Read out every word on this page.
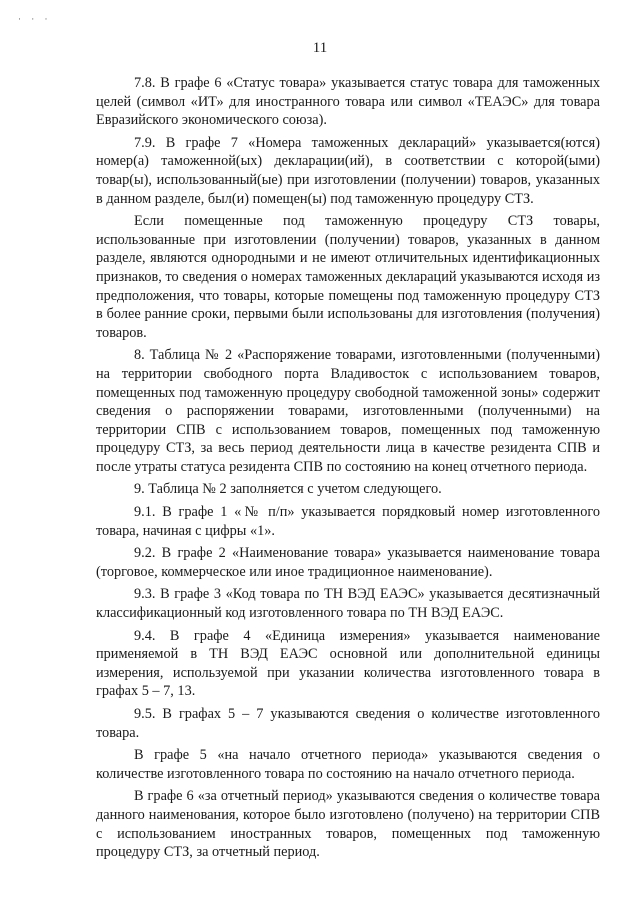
· · ·
11

7.8. В графе 6 «Статус товара» указывается статус товара для таможенных целей (символ «ИТ» для иностранного товара или символ «ТЕАЭС» для товара Евразийского экономического союза).

7.9. В графе 7 «Номера таможенных деклараций» указывается(ются) номер(а) таможенной(ых) декларации(ий), в соответствии с которой(ыми) товар(ы), использованный(ые) при изготовлении (получении) товаров, указанных в данном разделе, был(и) помещен(ы) под таможенную процедуру СТЗ.

Если помещенные под таможенную процедуру СТЗ товары, использованные при изготовлении (получении) товаров, указанных в данном разделе, являются однородными и не имеют отличительных идентификационных признаков, то сведения о номерах таможенных деклараций указываются исходя из предположения, что товары, которые помещены под таможенную процедуру СТЗ в более ранние сроки, первыми были использованы для изготовления (получения) товаров.

8. Таблица № 2 «Распоряжение товарами, изготовленными (полученными) на территории свободного порта Владивосток с использованием товаров, помещенных под таможенную процедуру свободной таможенной зоны» содержит сведения о распоряжении товарами, изготовленными (полученными) на территории СПВ с использованием товаров, помещенных под таможенную процедуру СТЗ, за весь период деятельности лица в качестве резидента СПВ и после утраты статуса резидента СПВ по состоянию на конец отчетного периода.

9. Таблица № 2 заполняется с учетом следующего.

9.1. В графе 1 «№ п/п» указывается порядковый номер изготовленного товара, начиная с цифры «1».

9.2. В графе 2 «Наименование товара» указывается наименование товара (торговое, коммерческое или иное традиционное наименование).

9.3. В графе 3 «Код товара по ТН ВЭД ЕАЭС» указывается десятизначный классификационный код изготовленного товара по ТН ВЭД ЕАЭС.

9.4. В графе 4 «Единица измерения» указывается наименование применяемой в ТН ВЭД ЕАЭС основной или дополнительной единицы измерения, используемой при указании количества изготовленного товара в графах 5 – 7, 13.

9.5. В графах 5 – 7 указываются сведения о количестве изготовленного товара.

В графе 5 «на начало отчетного периода» указываются сведения о количестве изготовленного товара по состоянию на начало отчетного периода.

В графе 6 «за отчетный период» указываются сведения о количестве товара данного наименования, которое было изготовлено (получено) на территории СПВ с использованием иностранных товаров, помещенных под таможенную процедуру СТЗ, за отчетный период.
